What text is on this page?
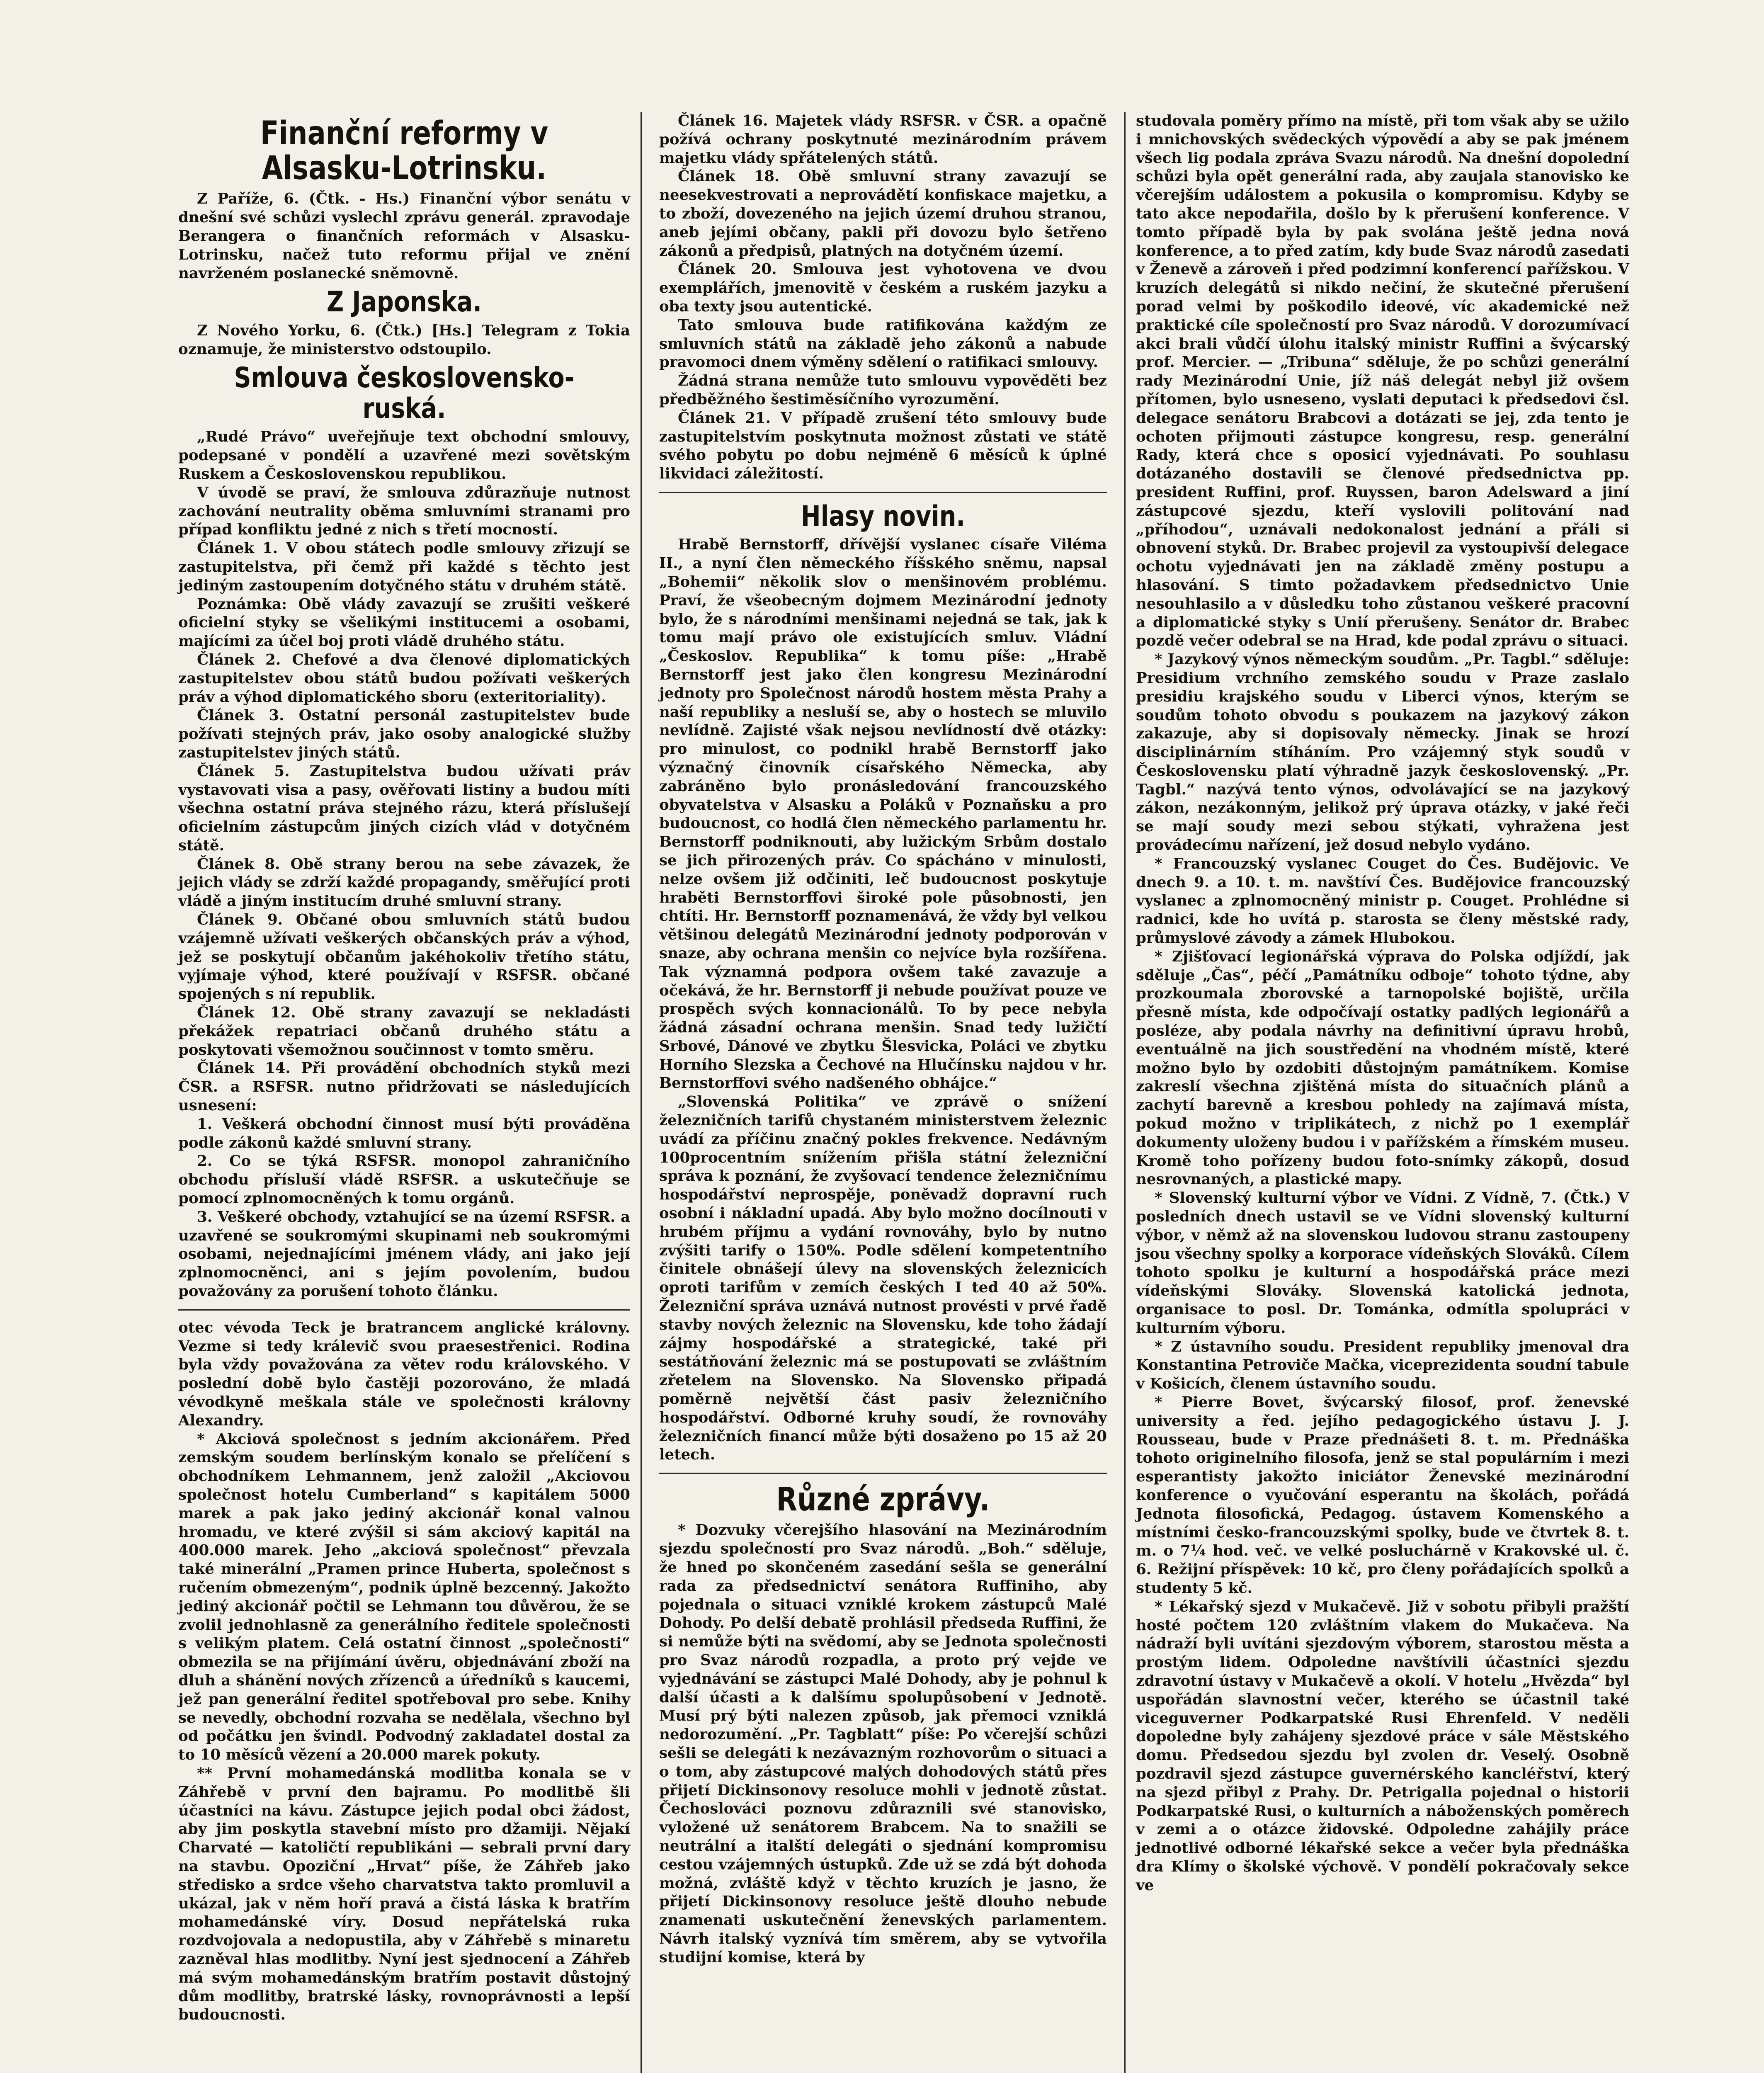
Finanční reformy v Alsasku-Lotrinsku.

Z Paříže, 6. (Čtk. - Hs.) Finanční výbor senátu v dnešní své schůzi vyslechl zprávu generál. zpravodaje Berangera o finančních reformách v Alsasku-Lotrinsku, načež tuto reformu přijal ve znění navrženém poslanecké sněmovně.

Z Japonska.

Z Nového Yorku, 6. (Čtk.) [Hs.] Telegram z Tokia oznamuje, že ministerstvo odstoupilo.

Smlouva československo-ruská.

„Rudé Právo“ uveřejňuje text obchodní smlouvy, podepsané v pondělí a uzavřené mezi sovětským Ruskem a Československou republikou.

V úvodě se praví, že smlouva zdůrazňuje nutnost zachování neutrality oběma smluvními stranami pro případ konfliktu jedné z nich s třetí mocností.

Článek 1. V obou státech podle smlouvy zřizují se zastupitelstva, při čemž při každé s těchto jest jediným zastoupením dotyčného státu v druhém státě.

Poznámka: Obě vlády zavazují se zrušiti veškeré oficielní styky se všelikými institucemi a osobami, majícími za účel boj proti vládě druhého státu.

Článek 2. Chefové a dva členové diplomatických zastupitelstev obou států budou požívati veškerých práv a výhod diplomatického sboru (exteritoriality).

Článek 3. Ostatní personál zastupitelstev bude požívati stejných práv, jako osoby analogické služby zastupitelstev jiných států.

Článek 5. Zastupitelstva budou užívati práv vystavovati visa a pasy, ověřovati listiny a budou míti všechna ostatní práva stejného rázu, která příslušejí oficielním zástupcům jiných cizích vlád v dotyčném státě.

Článek 8. Obě strany berou na sebe závazek, že jejich vlády se zdrží každé propagandy, směřující proti vládě a jiným institucím druhé smluvní strany.

Článek 9. Občané obou smluvních států budou vzájemně užívati veškerých občanských práv a výhod, jež se poskytují občanům jakéhokoliv třetího státu, vyjímaje výhod, které používají v RSFSR. občané spojených s ní republik.

Článek 12. Obě strany zavazují se nekladásti překážek repatriaci občanů druhého státu a poskytovati všemožnou součinnost v tomto směru.

Článek 14. Při provádění obchodních styků mezi ČSR. a RSFSR. nutno přidržovati se následujících usnesení:

1. Veškerá obchodní činnost musí býti prováděna podle zákonů každé smluvní strany.

2. Co se týká RSFSR. monopol zahraničního obchodu přísluší vládě RSFSR. a uskutečňuje se pomocí zplnomocněných k tomu orgánů.

3. Veškeré obchody, vztahující se na území RSFSR. a uzavřené se soukromými skupinami neb soukromými osobami, nejednajícími jménem vlády, ani jako její zplnomocněnci, ani s jejím povolením, budou považovány za porušení tohoto článku.

otec vévoda Teck je bratrancem anglické královny. Vezme si tedy králevič svou praesestřenici. Rodina byla vždy považována za větev rodu královského. V poslední době bylo častěji pozorováno, že mladá vévodkyně meškala stále ve společnosti královny Alexandry.

* Akciová společnost s jedním akcionářem. Před zemským soudem berlínským konalo se přelíčení s obchodníkem Lehmannem, jenž založil „Akciovou společnost hotelu Cumberland“ s kapitálem 5000 marek a pak jako jediný akcionář konal valnou hromadu, ve které zvýšil si sám akciový kapitál na 400.000 marek. Jeho „akciová společnost“ převzala také minerální „Pramen prince Huberta, společnost s ručením obmezeným“, podnik úplně bezcenný. Jakožto jediný akcionář počtil se Lehmann tou důvěrou, že se zvolil jednohlasně za generálního ředitele společnosti s velikým platem. Celá ostatní činnost „společnosti“ obmezila se na přijímání úvěru, objednávání zboží na dluh a shánění nových zřízenců a úředníků s kaucemi, jež pan generální ředitel spotřeboval pro sebe. Knihy se nevedly, obchodní rozvaha se nedělala, všechno byl od počátku jen švindl. Podvodný zakladatel dostal za to 10 měsíců vězení a 20.000 marek pokuty.

** První mohamedánská modlitba konala se v Záhřebě v první den bajramu. Po modlitbě šli účastníci na kávu. Zástupce jejich podal obci žádost, aby jim poskytla stavební místo pro džamiji. Nějakí Charvaté — katoličtí republikáni — sebrali první dary na stavbu. Opoziční „Hrvat“ píše, že Záhřeb jako středisko a srdce všeho charvatstva takto promluvil a ukázal, jak v něm hoří pravá a čistá láska k bratřím mohamedánské víry. Dosud nepřátelská ruka rozdvojovala a nedopustila, aby v Záhřebě s minaretu zazněval hlas modlitby. Nyní jest sjednocení a Záhřeb má svým mohamedánským bratřím postavit důstojný dům modlitby, bratrské lásky, rovnoprávnosti a lepší budoucnosti.

Článek 16. Majetek vlády RSFSR. v ČSR. a opačně požívá ochrany poskytnuté mezinárodním právem majetku vlády spřátelených států.

Článek 18. Obě smluvní strany zavazují se neesekvestrovati a neprovádětí konfiskace majetku, a to zboží, dovezeného na jejich území druhou stranou, aneb jejími občany, pakli při dovozu bylo šetřeno zákonů a předpisů, platných na dotyčném území.

Článek 20. Smlouva jest vyhotovena ve dvou exemplářích, jmenovitě v českém a ruském jazyku a oba texty jsou autentické.

Tato smlouva bude ratifikována každým ze smluvních států na základě jeho zákonů a nabude pravomoci dnem výměny sdělení o ratifikaci smlouvy.

Žádná strana nemůže tuto smlouvu vypověděti bez předběžného šestiměsíčního vyrozumění.

Článek 21. V případě zrušení této smlouvy bude zastupitelstvím poskytnuta možnost zůstati ve státě svého pobytu po dobu nejméně 6 měsíců k úplné likvidaci záležitostí.

Hlasy novin.

Hrabě Bernstorff, dřívější vyslanec císaře Viléma II., a nyní člen německého říšského sněmu, napsal „Bohemii“ několik slov o menšinovém problému. Praví, že všeobecným dojmem Mezinárodní jednoty bylo, že s národními menšinami nejedná se tak, jak k tomu mají právo ole existujících smluv. Vládní „Českoslov. Republika“ k tomu píše: „Hrabě Bernstorff jest jako člen kongresu Mezinárodní jednoty pro Společnost národů hostem města Prahy a naší republiky a nesluší se, aby o hostech se mluvilo nevlídně. Zajisté však nejsou nevlídností dvě otázky: pro minulost, co podnikl hrabě Bernstorff jako význačný činovník císařského Německa, aby zabráněno bylo pronásledování francouzského obyvatelstva v Alsasku a Poláků v Poznaňsku a pro budoucnost, co hodlá člen německého parlamentu hr. Bernstorff podniknouti, aby lužickým Srbům dostalo se jich přirozených práv. Co spácháno v minulosti, nelze ovšem již odčiniti, leč budoucnost poskytuje hraběti Bernstorffovi široké pole působnosti, jen chtíti. Hr. Bernstorff poznamenává, že vždy byl velkou většinou delegátů Mezinárodní jednoty podporován v snaze, aby ochrana menšin co nejvíce byla rozšířena. Tak významná podpora ovšem také zavazuje a očekává, že hr. Bernstorff ji nebude používat pouze ve prospěch svých konnacionálů. To by pece nebyla žádná zásadní ochrana menšin. Snad tedy lužičtí Srbové, Dánové ve zbytku Šlesvicka, Poláci ve zbytku Horního Slezska a Čechové na Hlučínsku najdou v hr. Bernstorffovi svého nadšeného obhájce.“

„Slovenská Politika“ ve zprávě o snížení železničních tarifů chystaném ministerstvem železnic uvádí za příčinu značný pokles frekvence. Nedávným 100procentním snížením přišla státní železniční správa k poznání, že zvyšovací tendence železničnímu hospodářství neprospěje, poněvadž dopravní ruch osobní i nákladní upadá. Aby bylo možno docílnouti v hrubém příjmu a vydání rovnováhy, bylo by nutno zvýšiti tarify o 150%. Podle sdělení kompetentního činitele obnášejí úlevy na slovenských železnicích oproti tarifům v zemích českých I ted 40 až 50%. Železniční správa uznává nutnost provésti v prvé řadě stavby nových železnic na Slovensku, kde toho žádají zájmy hospodářské a strategické, také při sestátňování železnic má se postupovati se zvláštním zřetelem na Slovensko. Na Slovensko připadá poměrně největší část pasiv železničního hospodářství. Odborné kruhy soudí, že rovnováhy železničních financí může býti dosaženo po 15 až 20 letech.

Různé zprávy.

* Dozvuky včerejšího hlasování na Mezinárodním sjezdu společností pro Svaz národů. „Boh.“ sděluje, že hned po skončeném zasedání sešla se generální rada za předsednictví senátora Ruffiniho, aby pojednala o situaci vzniklé krokem zástupců Malé Dohody. Po delší debatě prohlásil předseda Ruffini, že si nemůže býti na svědomí, aby se Jednota společnosti pro Svaz národů rozpadla, a proto prý vejde ve vyjednávání se zástupci Malé Dohody, aby je pohnul k další účasti a k dalšímu spolupůsobení v Jednotě. Musí prý býti nalezen způsob, jak přemoci vzniklá nedorozumění. „Pr. Tagblatt“ píše: Po včerejší schůzi sešli se delegáti k nezávazným rozhovorům o situaci a o tom, aby zástupcové malých dohodových států přes přijetí Dickinsonovy resoluce mohli v jednotě zůstat. Čechoslováci poznovu zdůraznili své stanovisko, vyložené už senátorem Brabcem. Na to snažili se neutrální a italští delegáti o sjednání kompromisu cestou vzájemných ústupků. Zde už se zdá být dohoda možná, zvláště když v těchto kruzích je jasno, že přijetí Dickinsonovy resoluce ještě dlouho nebude znamenati uskutečnění ženevských parlamentem. Návrh italský vyznívá tím směrem, aby se vytvořila studijní komise, která by

studovala poměry přímo na místě, při tom však aby se užilo i mnichovských svědeckých výpovědí a aby se pak jménem všech lig podala zpráva Svazu národů. Na dnešní dopolední schůzi byla opět generální rada, aby zaujala stanovisko ke včerejším událostem a pokusila o kompromisu. Kdyby se tato akce nepodařila, došlo by k přerušení konference. V tomto případě byla by pak svolána ještě jedna nová konference, a to před zatím, kdy bude Svaz národů zasedati v Ženevě a zároveň i před podzimní konferencí pařížskou. V kruzích delegátů si nikdo nečiní, že skutečné přerušení porad velmi by poškodilo ideové, víc akademické než praktické cíle společností pro Svaz národů. V dorozumívací akci brali vůdčí úlohu italský ministr Ruffini a švýcarský prof. Mercier. — „Tribuna“ sděluje, že po schůzi generální rady Mezinárodní Unie, jíž náš delegát nebyl již ovšem přítomen, bylo usneseno, vyslati deputaci k předsedovi čsl. delegace senátoru Brabcovi a dotázati se jej, zda tento je ochoten přijmouti zástupce kongresu, resp. generální Rady, která chce s oposicí vyjednávati. Po souhlasu dotázaného dostavili se členové předsednictva pp. president Ruffini, prof. Ruyssen, baron Adelsward a jiní zástupcové sjezdu, kteří vyslovili politování nad „příhodou“, uznávali nedokonalost jednání a přáli si obnovení styků. Dr. Brabec projevil za vystoupivší delegace ochotu vyjednávati jen na základě změny postupu a hlasování. S timto požadavkem předsednictvo Unie nesouhlasilo a v důsledku toho zůstanou veškeré pracovní a diplomatické styky s Unií přerušeny. Senátor dr. Brabec pozdě večer odebral se na Hrad, kde podal zprávu o situaci.

* Jazykový výnos německým soudům. „Pr. Tagbl.“ sděluje: Presidium vrchního zemského soudu v Praze zaslalo presidiu krajského soudu v Liberci výnos, kterým se soudům tohoto obvodu s poukazem na jazykový zákon zakazuje, aby si dopisovaly německy. Jinak se hrozí disciplinárním stíháním. Pro vzájemný styk soudů v Československu platí výhradně jazyk československý. „Pr. Tagbl.“ nazývá tento výnos, odvolávající se na jazykový zákon, nezákonným, jelikož prý úprava otázky, v jaké řeči se mají soudy mezi sebou stýkati, vyhražena jest provádecímu nařízení, jež dosud nebylo vydáno.

* Francouzský vyslanec Couget do Čes. Budějovic. Ve dnech 9. a 10. t. m. navštíví Čes. Budějovice francouzský vyslanec a zplnomocněný ministr p. Couget. Prohlédne si radnici, kde ho uvítá p. starosta se členy městské rady, průmyslové závody a zámek Hlubokou.

* Zjišťovací legionářská výprava do Polska odjíždí, jak sděluje „Čas“, péčí „Památníku odboje“ tohoto týdne, aby prozkoumala zborovské a tarnopolské bojiště, určila přesně místa, kde odpočívají ostatky padlých legionářů a posléze, aby podala návrhy na definitivní úpravu hrobů, eventuálně na jich soustředění na vhodném místě, které možno bylo by ozdobiti důstojným památníkem. Komise zakreslí všechna zjištěná místa do situačních plánů a zachytí barevně a kresbou pohledy na zajímavá místa, pokud možno v triplikátech, z nichž po 1 exemplář dokumenty uloženy budou i v pařížském a římském museu. Kromě toho pořízeny budou foto-snímky zákopů, dosud nesrovnaných, a plastické mapy.

* Slovenský kulturní výbor ve Vídni. Z Vídně, 7. (Čtk.) V posledních dnech ustavil se ve Vídni slovenský kulturní výbor, v němž až na slovenskou ludovou stranu zastoupeny jsou všechny spolky a korporace vídeňských Slováků. Cílem tohoto spolku je kulturní a hospodářská práce mezi vídeňskými Slováky. Slovenská katolická jednota, organisace to posl. Dr. Tománka, odmítla spolupráci v kulturním výboru.

* Z ústavního soudu. President republiky jmenoval dra Konstantina Petroviče Mačka, viceprezidenta soudní tabule v Košicích, členem ústavního soudu.

* Pierre Bovet, švýcarský filosof, prof. ženevské university a řed. jejího pedagogického ústavu J. J. Rousseau, bude v Praze přednášeti 8. t. m. Přednáška tohoto originelního filosofa, jenž se stal populárním i mezi esperantisty jakožto iniciátor Ženevské mezinárodní konference o vyučování esperantu na školách, pořádá Jednota filosofická, Pedagog. ústavem Komenského a místními česko-francouzskými spolky, bude ve čtvrtek 8. t. m. o 7¼ hod. več. ve velké posluchárně v Krakovské ul. č. 6. Režijní příspěvek: 10 kč, pro členy pořádajících spolků a studenty 5 kč.

* Lékařský sjezd v Mukačevě. Již v sobotu přibyli pražští hosté počtem 120 zvláštním vlakem do Mukačeva. Na nádraží byli uvítáni sjezdovým výborem, starostou města a prostým lidem. Odpoledne navštívili účastníci sjezdu zdravotní ústavy v Mukačevě a okolí. V hotelu „Hvězda“ byl uspořádán slavnostní večer, kterého se účastnil také viceguverner Podkarpatské Rusi Ehrenfeld. V neděli dopoledne byly zahájeny sjezdové práce v sále Městského domu. Předsedou sjezdu byl zvolen dr. Veselý. Osobně pozdravil sjezd zástupce guvernérského kancléřství, který na sjezd přibyl z Prahy. Dr. Petrigalla pojednal o historii Podkarpatské Rusi, o kulturních a náboženských poměrech v zemi a o otázce židovské. Odpoledne zahájily práce jednotlivé odborné lékařské sekce a večer byla přednáška dra Klímy o školské výchově. V pondělí pokračovaly sekce ve
